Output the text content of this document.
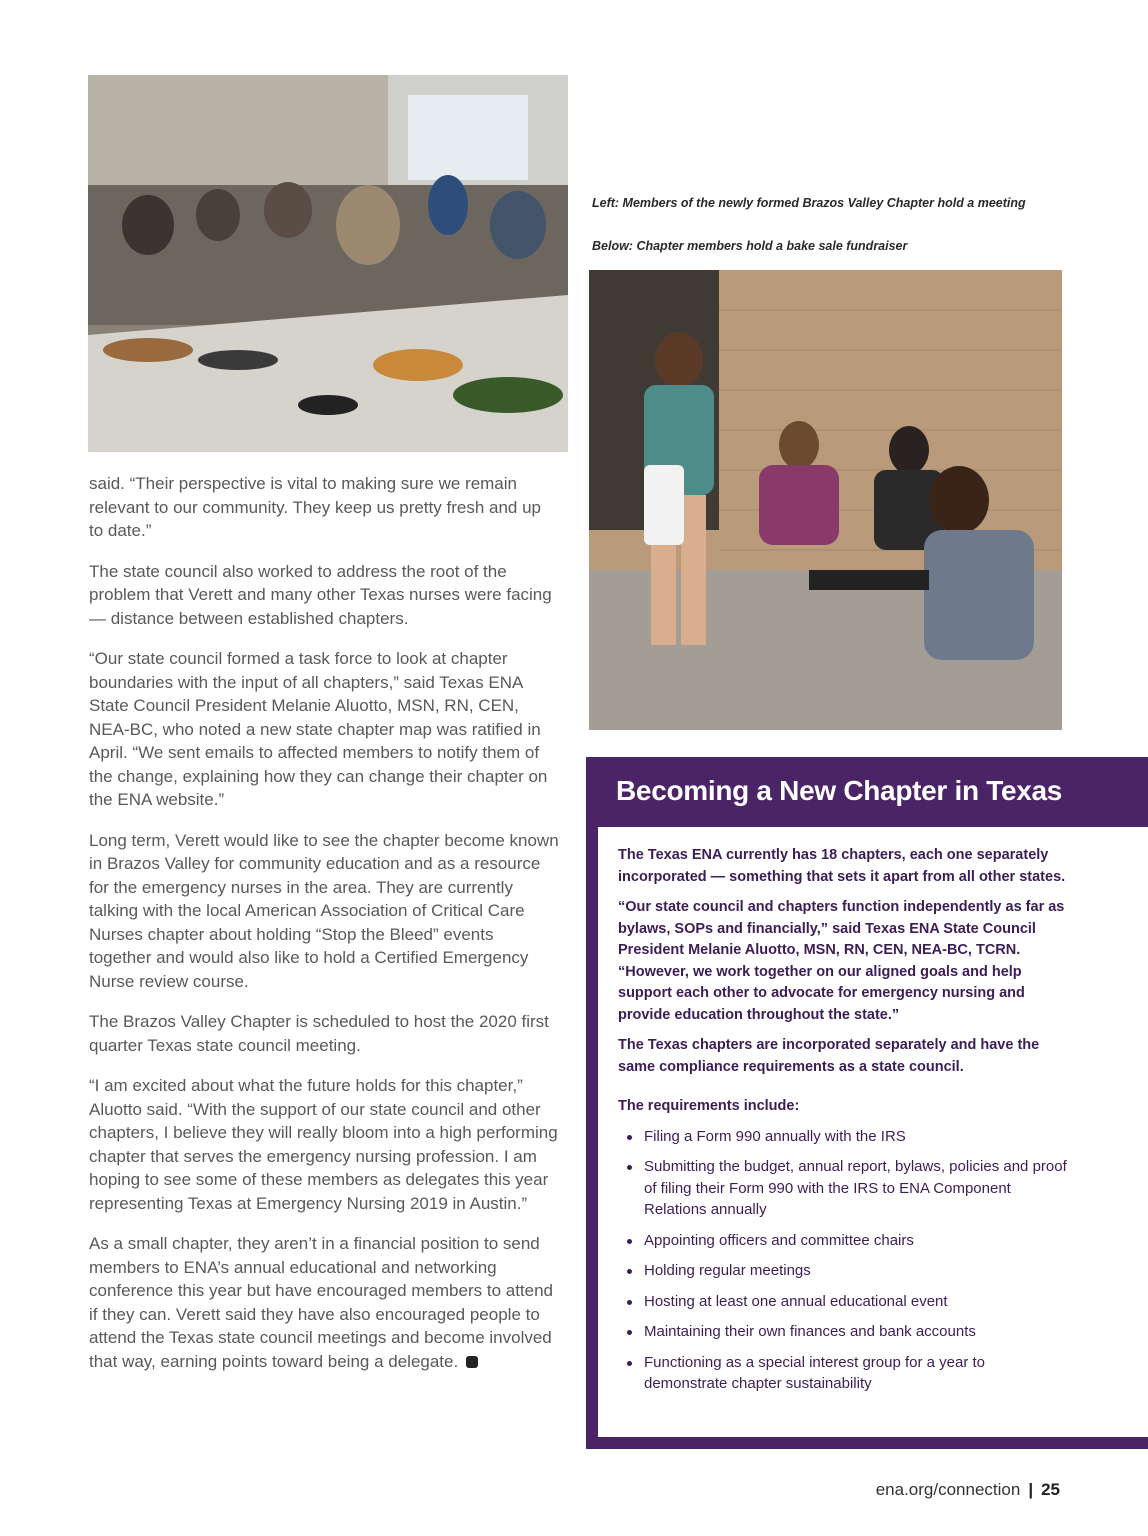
Left: Members of the newly formed Brazos Valley Chapter hold a meeting
Below: Chapter members hold a bake sale fundraiser

said. “Their perspective is vital to making sure we remain relevant to our community. They keep us pretty fresh and up to date.”

The state council also worked to address the root of the problem that Verett and many other Texas nurses were facing — distance between established chapters.

“Our state council formed a task force to look at chapter boundaries with the input of all chapters,” said Texas ENA State Council President Melanie Aluotto, MSN, RN, CEN, NEA-BC, who noted a new state chapter map was ratified in April. “We sent emails to affected members to notify them of the change, explaining how they can change their chapter on the ENA website.”

Long term, Verett would like to see the chapter become known in Brazos Valley for community education and as a resource for the emergency nurses in the area. They are currently talking with the local American Association of Critical Care Nurses chapter about holding “Stop the Bleed” events together and would also like to hold a Certified Emergency Nurse review course.

The Brazos Valley Chapter is scheduled to host the 2020 first quarter Texas state council meeting.

“I am excited about what the future holds for this chapter,” Aluotto said. “With the support of our state council and other chapters, I believe they will really bloom into a high performing chapter that serves the emergency nursing profession. I am hoping to see some of these members as delegates this year representing Texas at Emergency Nursing 2019 in Austin.”

As a small chapter, they aren’t in a financial position to send members to ENA’s annual educational and networking conference this year but have encouraged members to attend if they can. Verett said they have also encouraged people to attend the Texas state council meetings and become involved that way, earning points toward being a delegate.

Becoming a New Chapter in Texas

The Texas ENA currently has 18 chapters, each one separately incorporated — something that sets it apart from all other states.

“Our state council and chapters function independently as far as bylaws, SOPs and financially,” said Texas ENA State Council President Melanie Aluotto, MSN, RN, CEN, NEA-BC, TCRN. “However, we work together on our aligned goals and help support each other to advocate for emergency nursing and provide education throughout the state.”

The Texas chapters are incorporated separately and have the same compliance requirements as a state council.

The requirements include:

Filing a Form 990 annually with the IRS
Submitting the budget, annual report, bylaws, policies and proof of filing their Form 990 with the IRS to ENA Component Relations annually
Appointing officers and committee chairs
Holding regular meetings
Hosting at least one annual educational event
Maintaining their own finances and bank accounts
Functioning as a special interest group for a year to demonstrate chapter sustainability
ena.org/connection | 25
